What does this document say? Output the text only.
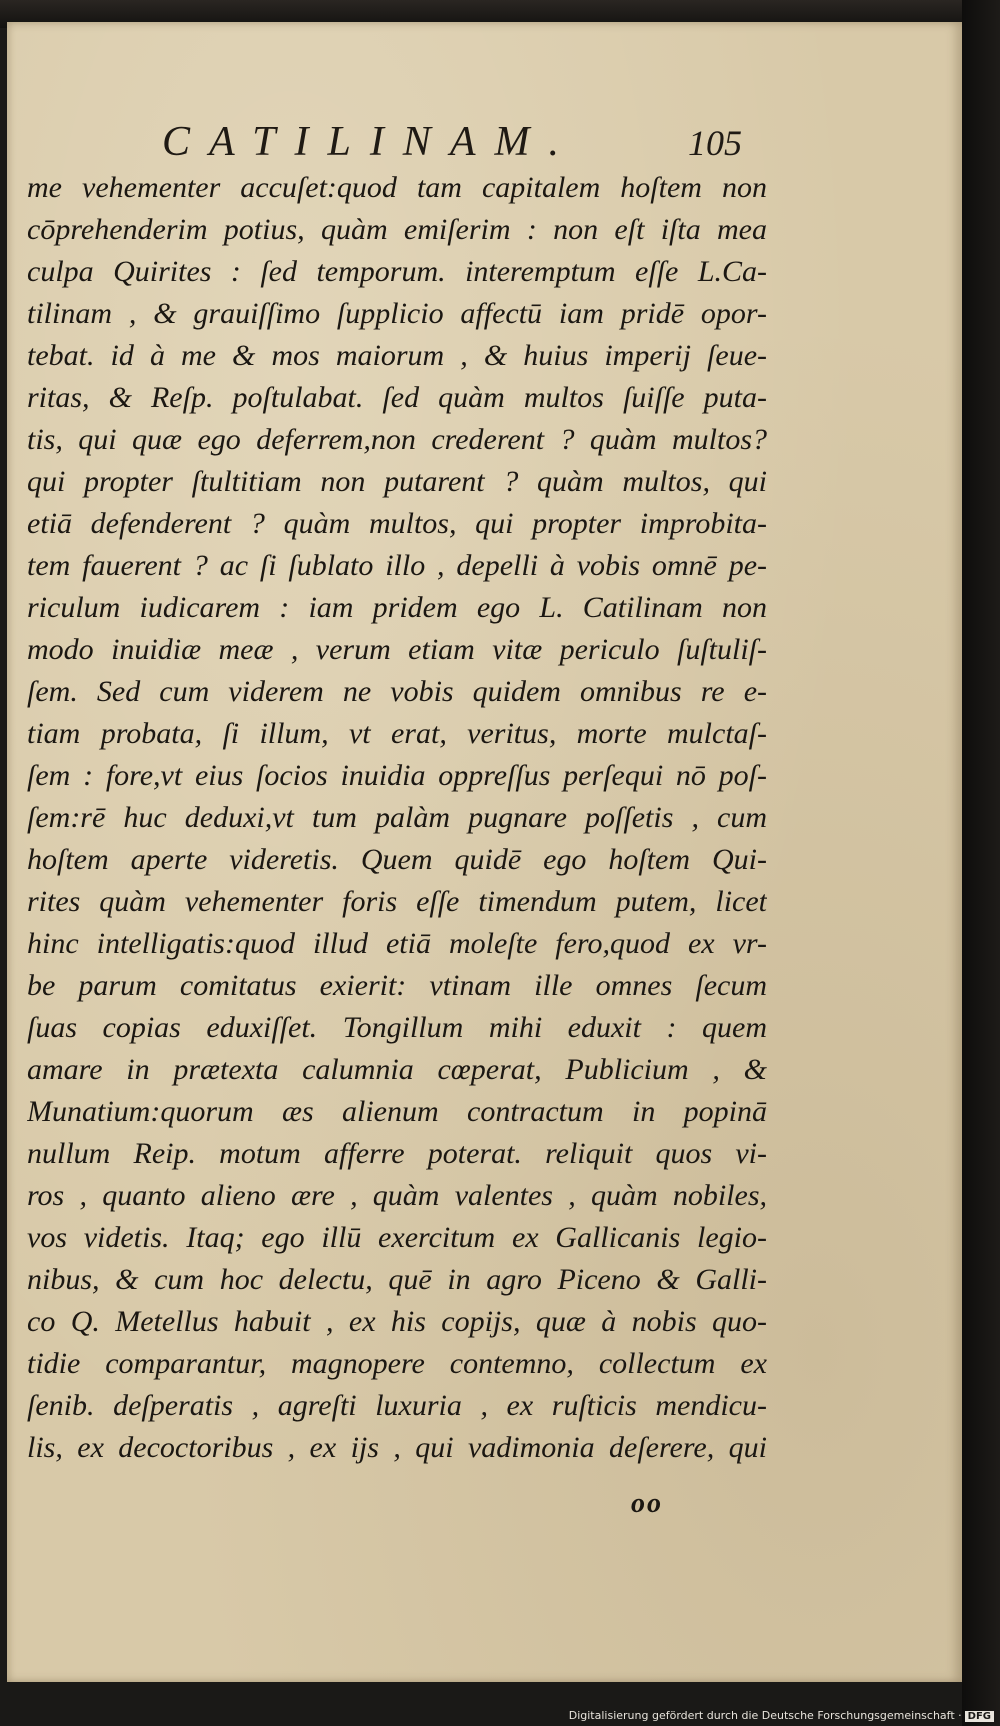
CATILINAM.	105
me vehementer accuſet:quod tam capitalem hoſtem non
cōprehenderim potius, quàm emiſerim : non eſt iſta mea
culpa Quirites : ſed temporum. interemptum eſſe L.Ca-
tilinam , & grauiſſimo ſupplicio affectū iam pridē opor-
tebat. id à me & mos maiorum , & huius imperij ſeue-
ritas, & Reſp. poſtulabat. ſed quàm multos ſuiſſe puta-
tis, qui quæ ego deferrem,non crederent ? quàm multos?
qui propter ſtultitiam non putarent ? quàm multos, qui
etiā defenderent ? quàm multos, qui propter improbita-
tem fauerent ? ac ſi ſublato illo , depelli à vobis omnē pe-
riculum iudicarem : iam pridem ego L. Catilinam non
modo inuidiæ meæ , verum etiam vitæ periculo ſuſtuliſ-
ſem. Sed cum viderem ne vobis quidem omnibus re e-
tiam probata, ſi illum, vt erat, veritus, morte mulctaſ-
ſem : fore,vt eius ſocios inuidia oppreſſus perſequi nō poſ-
ſem:rē huc deduxi,vt tum palàm pugnare poſſetis , cum
hoſtem aperte videretis. Quem quidē ego hoſtem Qui-
rites quàm vehementer foris eſſe timendum putem, licet
hinc intelligatis:quod illud etiā moleſte fero,quod ex vr-
be parum comitatus exierit: vtinam ille omnes ſecum
ſuas copias eduxiſſet. Tongillum mihi eduxit : quem
amare in prætexta calumnia cœperat, Publicium , &
Munatium:quorum æs alienum contractum in popinā
nullum Reip. motum afferre poterat. reliquit quos vi-
ros , quanto alieno ære , quàm valentes , quàm nobiles,
vos videtis. Itaq; ego illū exercitum ex Gallicanis legio-
nibus, & cum hoc delectu, quē in agro Piceno & Galli-
co Q. Metellus habuit , ex his copijs, quæ à nobis quo-
tidie comparantur, magnopere contemno, collectum ex
ſenib. deſperatis , agreſti luxuria , ex ruſticis mendicu-
lis, ex decoctoribus , ex ijs , qui vadimonia deſerere, qui
oo
Digitalisierung gefördert durch die Deutsche Forschungsgemeinschaft · DFG
